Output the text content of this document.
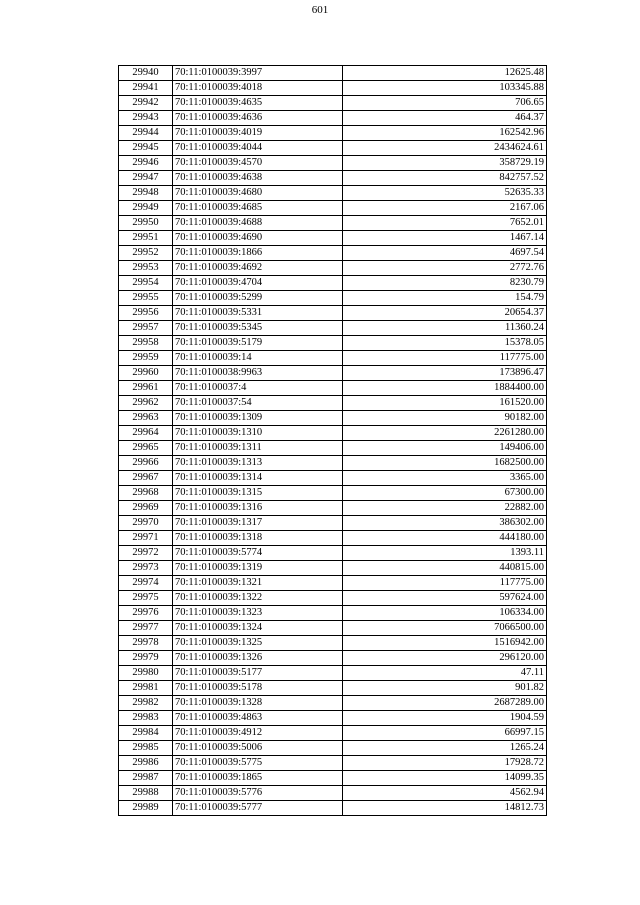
601
29940	70:11:0100039:3997	12625.48
29941	70:11:0100039:4018	103345.88
29942	70:11:0100039:4635	706.65
29943	70:11:0100039:4636	464.37
29944	70:11:0100039:4019	162542.96
29945	70:11:0100039:4044	2434624.61
29946	70:11:0100039:4570	358729.19
29947	70:11:0100039:4638	842757.52
29948	70:11:0100039:4680	52635.33
29949	70:11:0100039:4685	2167.06
29950	70:11:0100039:4688	7652.01
29951	70:11:0100039:4690	1467.14
29952	70:11:0100039:1866	4697.54
29953	70:11:0100039:4692	2772.76
29954	70:11:0100039:4704	8230.79
29955	70:11:0100039:5299	154.79
29956	70:11:0100039:5331	20654.37
29957	70:11:0100039:5345	11360.24
29958	70:11:0100039:5179	15378.05
29959	70:11:0100039:14	117775.00
29960	70:11:0100038:9963	173896.47
29961	70:11:0100037:4	1884400.00
29962	70:11:0100037:54	161520.00
29963	70:11:0100039:1309	90182.00
29964	70:11:0100039:1310	2261280.00
29965	70:11:0100039:1311	149406.00
29966	70:11:0100039:1313	1682500.00
29967	70:11:0100039:1314	3365.00
29968	70:11:0100039:1315	67300.00
29969	70:11:0100039:1316	22882.00
29970	70:11:0100039:1317	386302.00
29971	70:11:0100039:1318	444180.00
29972	70:11:0100039:5774	1393.11
29973	70:11:0100039:1319	440815.00
29974	70:11:0100039:1321	117775.00
29975	70:11:0100039:1322	597624.00
29976	70:11:0100039:1323	106334.00
29977	70:11:0100039:1324	7066500.00
29978	70:11:0100039:1325	1516942.00
29979	70:11:0100039:1326	296120.00
29980	70:11:0100039:5177	47.11
29981	70:11:0100039:5178	901.82
29982	70:11:0100039:1328	2687289.00
29983	70:11:0100039:4863	1904.59
29984	70:11:0100039:4912	66997.15
29985	70:11:0100039:5006	1265.24
29986	70:11:0100039:5775	17928.72
29987	70:11:0100039:1865	14099.35
29988	70:11:0100039:5776	4562.94
29989	70:11:0100039:5777	14812.73
